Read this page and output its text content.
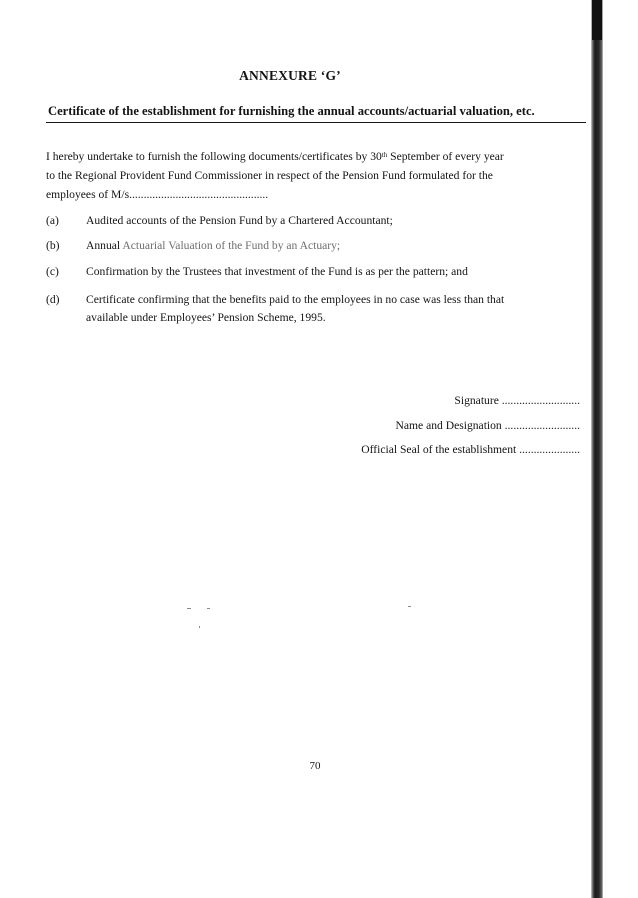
ANNEXURE ‘G’
Certificate of the establishment for furnishing the annual accounts/actuarial valuation, etc.
I hereby undertake to furnish the following documents/certificates by 30th September of every year
to the Regional Provident Fund Commissioner in respect of the Pension Fund formulated for the
employees of M/s................................................
(a) Audited accounts of the Pension Fund by a Chartered Accountant;
(b) Annual Actuarial Valuation of the Fund by an Actuary;
(c) Confirmation by the Trustees that investment of the Fund is as per the pattern; and
(d) Certificate confirming that the benefits paid to the employees in no case was less than that
available under Employees’ Pension Scheme, 1995.
Signature ...........................
Name and Designation ..........................
Official Seal of the establishment .....................
70
